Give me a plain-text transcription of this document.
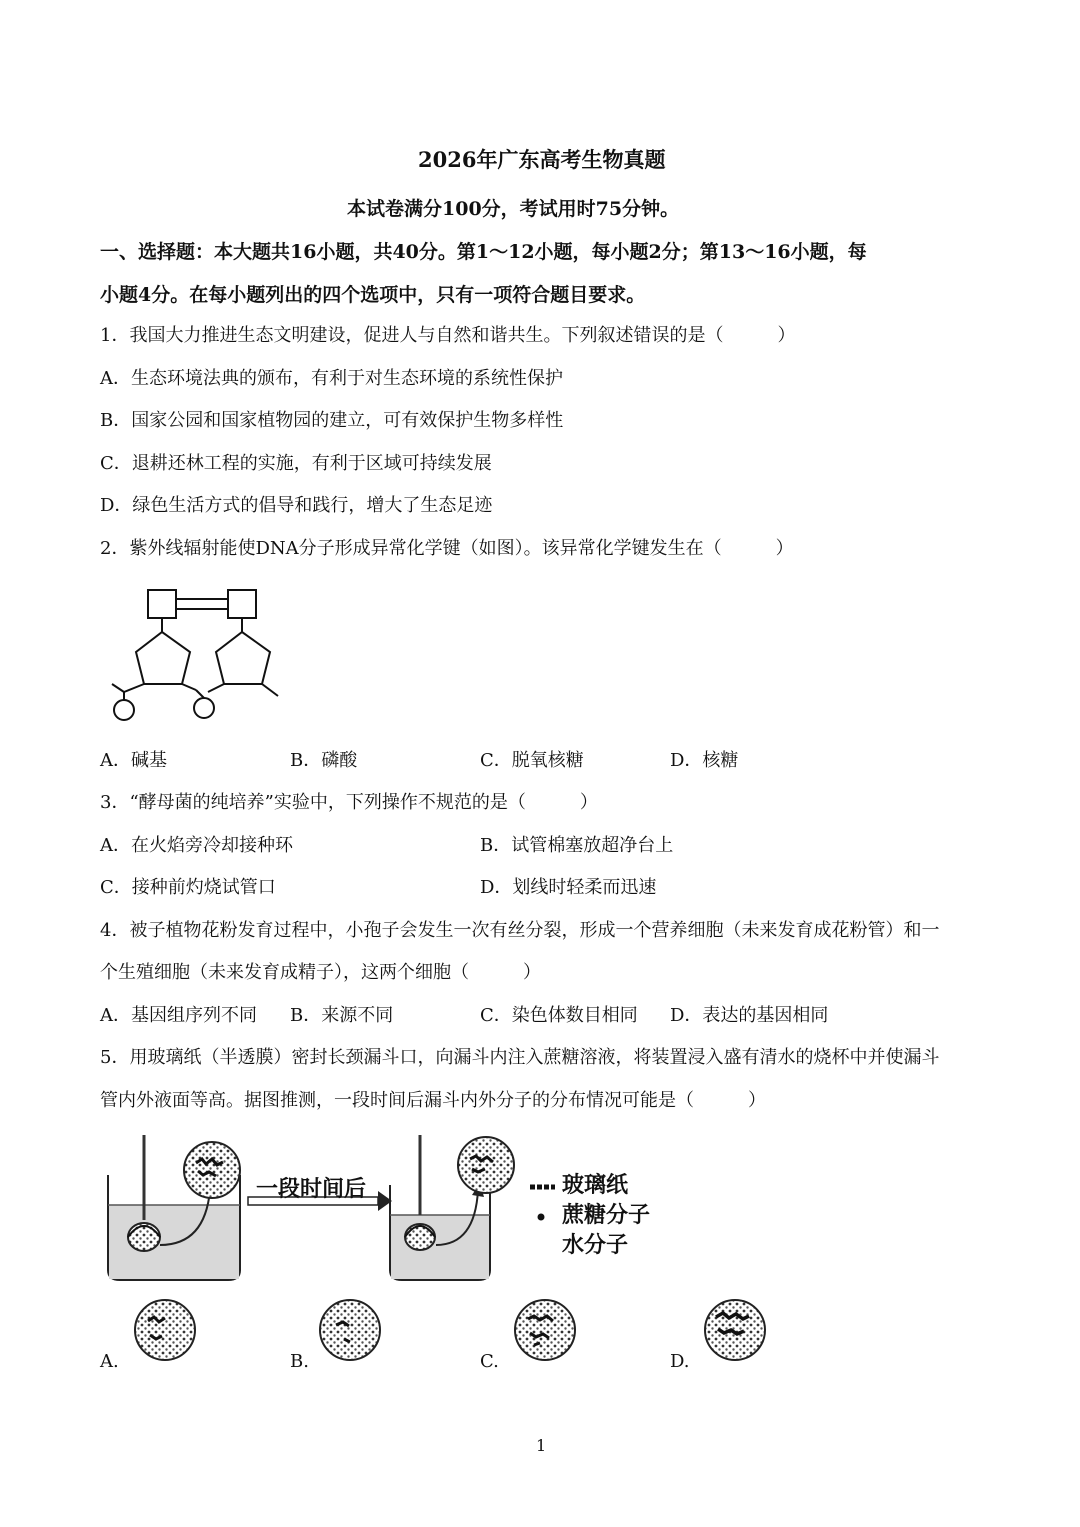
2026年广东高考生物真题
本试卷满分100分，考试用时75分钟。
一、选择题：本大题共16小题，共40分。第1～12小题，每小题2分；第13～16小题，每
小题4分。在每小题列出的四个选项中，只有一项符合题目要求。
1．我国大力推进生态文明建设，促进人与自然和谐共生。下列叙述错误的是（　　　）
A．生态环境法典的颁布，有利于对生态环境的系统性保护
B．国家公园和国家植物园的建立，可有效保护生物多样性
C．退耕还林工程的实施，有利于区域可持续发展
D．绿色生活方式的倡导和践行，增大了生态足迹
2．紫外线辐射能使DNA分子形成异常化学键（如图）。该异常化学键发生在（　　　）
A．碱基	B．磷酸	C．脱氧核糖	D．核糖
3．“酵母菌的纯培养”实验中，下列操作不规范的是（　　　）
A．在火焰旁冷却接种环	B．试管棉塞放超净台上
C．接种前灼烧试管口	D．划线时轻柔而迅速
4．被子植物花粉发育过程中，小孢子会发生一次有丝分裂，形成一个营养细胞（未来发育成花粉管）和一
个生殖细胞（未来发育成精子），这两个细胞（　　　）
A．基因组序列不同 B．来源不同	C．染色体数目相同 D．表达的基因相同
5．用玻璃纸（半透膜）密封长颈漏斗口，向漏斗内注入蔗糖溶液，将装置浸入盛有清水的烧杯中并使漏斗
管内外液面等高。据图推测，一段时间后漏斗内外分子的分布情况可能是（　　　）
一段时间后	玻璃纸
蔗糖分子
水分子
A.	B.	C.	D.
1
